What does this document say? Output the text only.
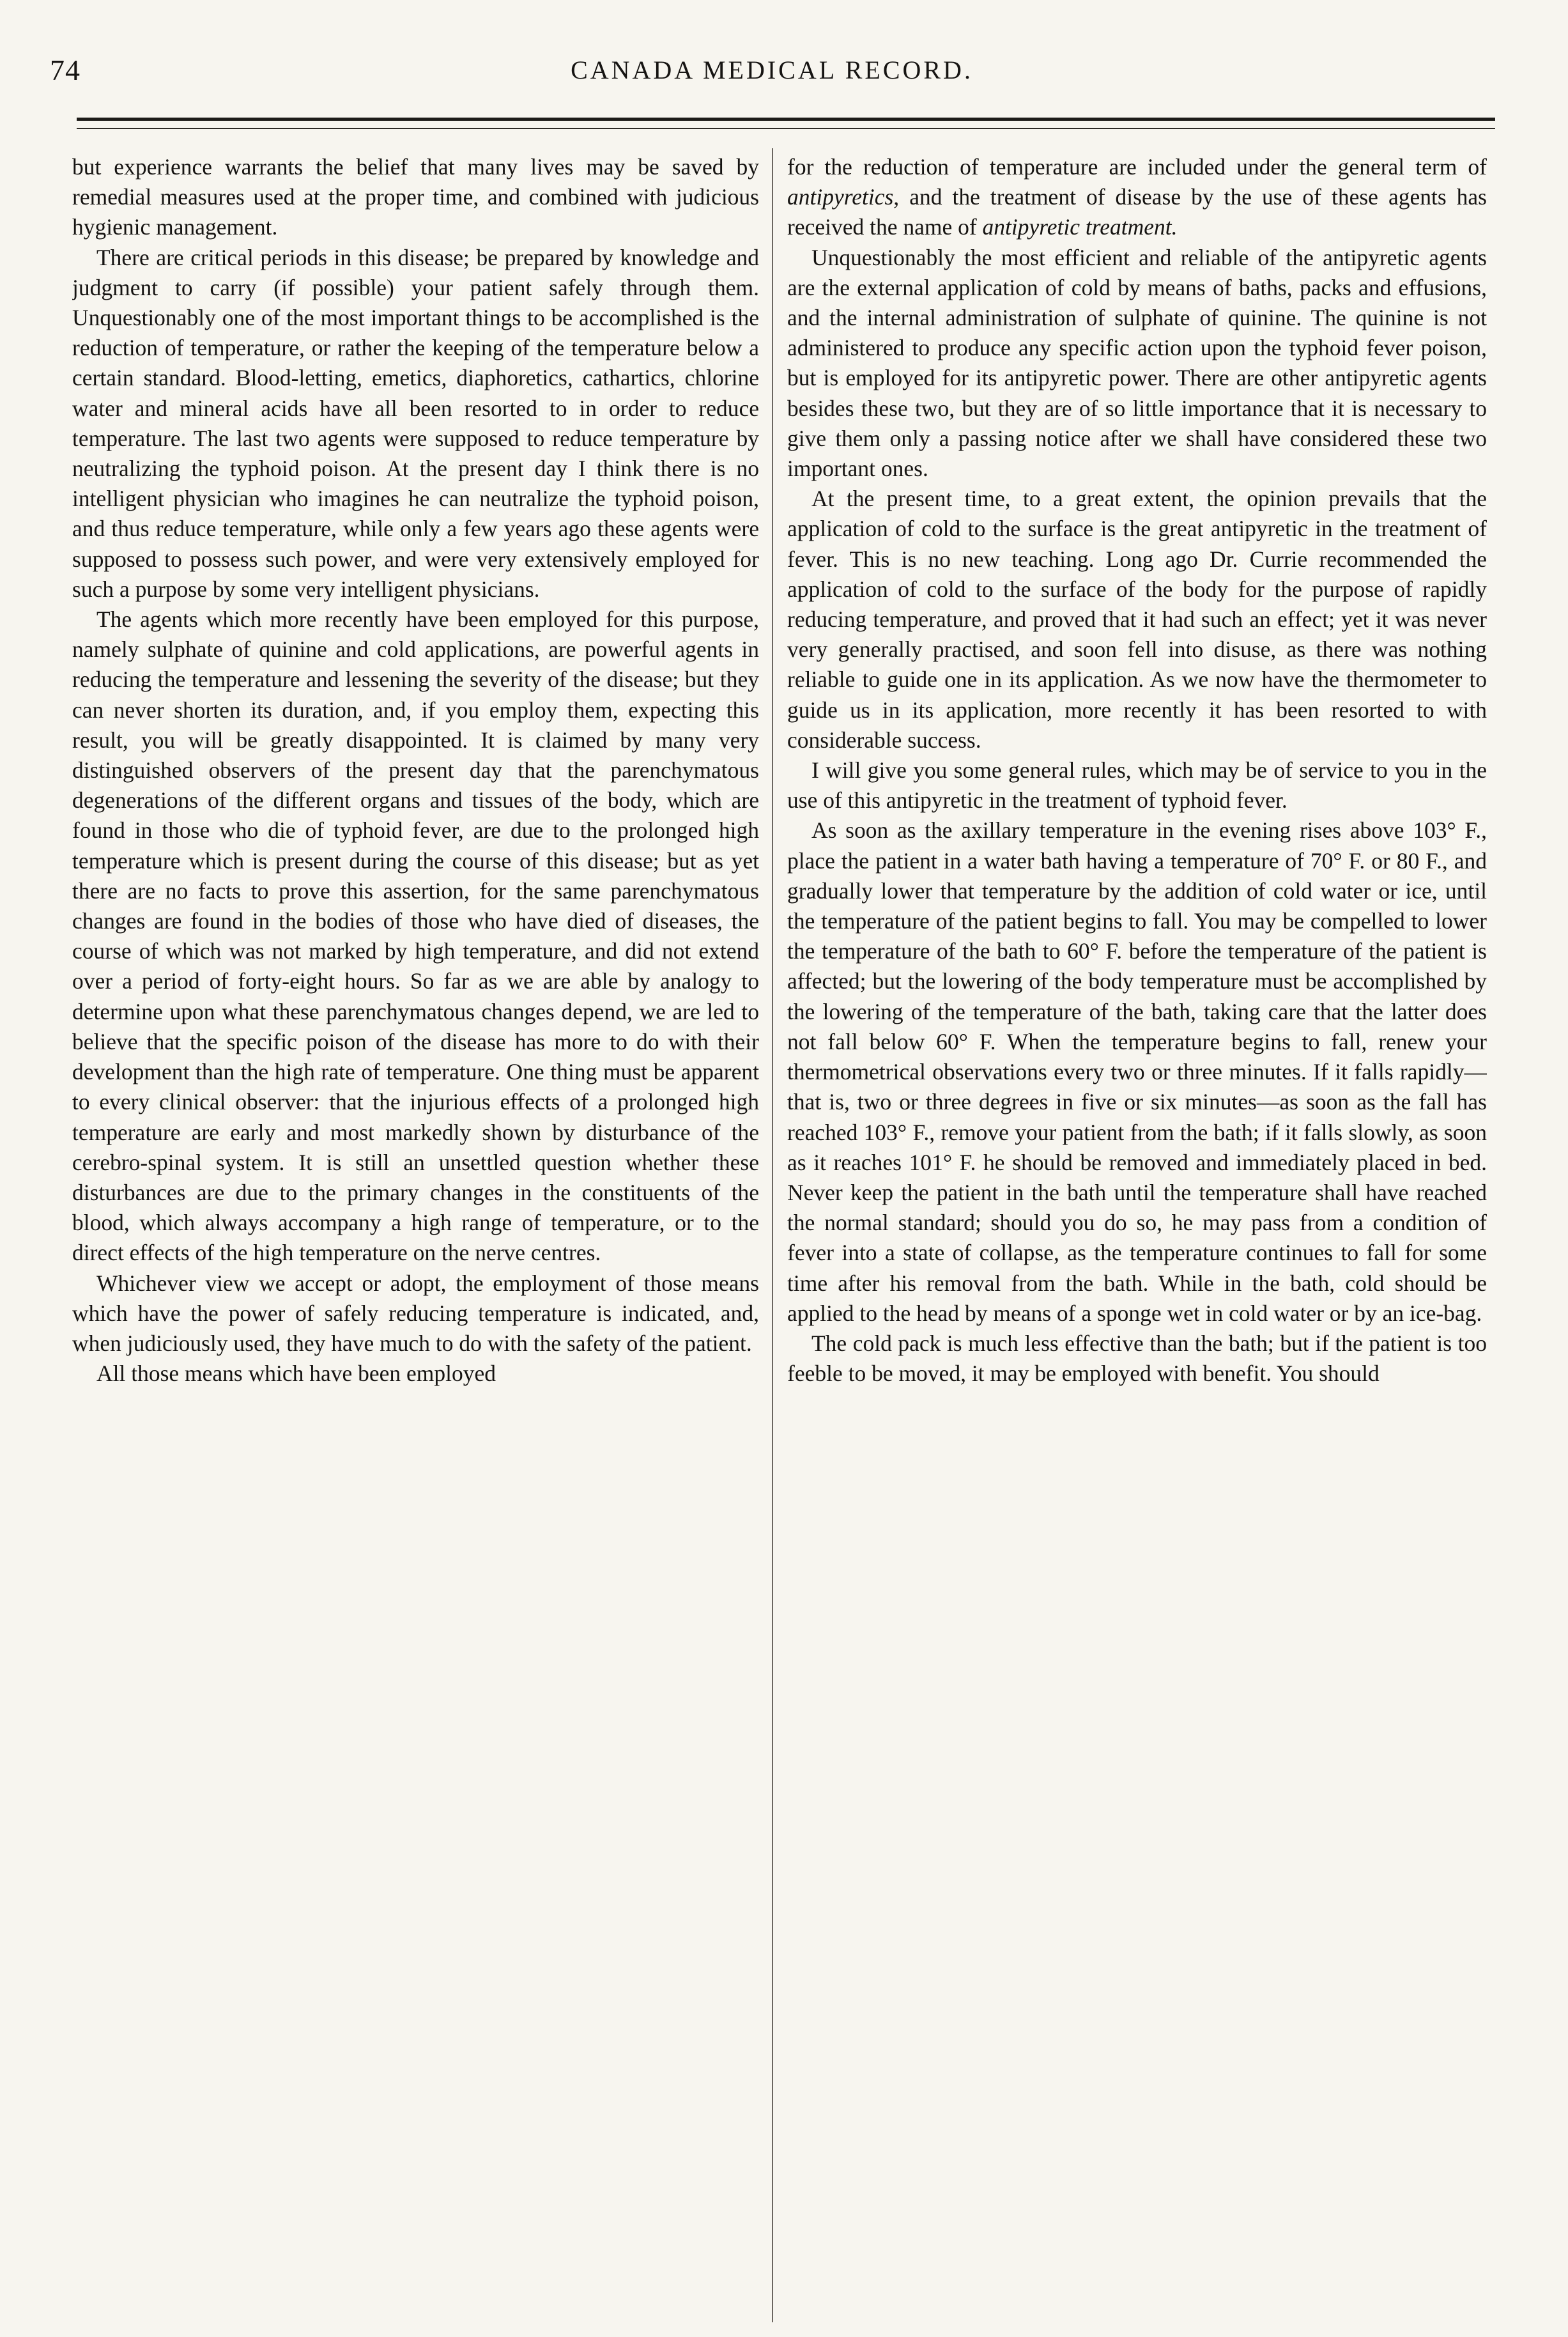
74	CANADA MEDICAL RECORD.

but experience warrants the belief that many lives may be saved by remedial measures used at the proper time, and combined with judicious hygienic management.

There are critical periods in this disease; be prepared by knowledge and judgment to carry (if possible) your patient safely through them. Unquestionably one of the most important things to be accomplished is the reduction of temperature, or rather the keeping of the temperature below a certain standard. Blood-letting, emetics, diaphoretics, cathartics, chlorine water and mineral acids have all been resorted to in order to reduce temperature. The last two agents were supposed to reduce temperature by neutralizing the typhoid poison. At the present day I think there is no intelligent physician who imagines he can neutralize the typhoid poison, and thus reduce temperature, while only a few years ago these agents were supposed to possess such power, and were very extensively employed for such a purpose by some very intelligent physicians.

The agents which more recently have been employed for this purpose, namely sulphate of quinine and cold applications, are powerful agents in reducing the temperature and lessening the severity of the disease; but they can never shorten its duration, and, if you employ them, expecting this result, you will be greatly disappointed. It is claimed by many very distinguished observers of the present day that the parenchymatous degenerations of the different organs and tissues of the body, which are found in those who die of typhoid fever, are due to the prolonged high temperature which is present during the course of this disease; but as yet there are no facts to prove this assertion, for the same parenchymatous changes are found in the bodies of those who have died of diseases, the course of which was not marked by high temperature, and did not extend over a period of forty-eight hours. So far as we are able by analogy to determine upon what these parenchymatous changes depend, we are led to believe that the specific poison of the disease has more to do with their development than the high rate of temperature. One thing must be apparent to every clinical observer: that the injurious effects of a prolonged high temperature are early and most markedly shown by disturbance of the cerebro-spinal system. It is still an unsettled question whether these disturbances are due to the primary changes in the constituents of the blood, which always accompany a high range of temperature, or to the direct effects of the high temperature on the nerve centres.

Whichever view we accept or adopt, the employment of those means which have the power of safely reducing temperature is indicated, and, when judiciously used, they have much to do with the safety of the patient.

All those means which have been employed

for the reduction of temperature are included under the general term of antipyretics, and the treatment of disease by the use of these agents has received the name of antipyretic treatment.

Unquestionably the most efficient and reliable of the antipyretic agents are the external application of cold by means of baths, packs and effusions, and the internal administration of sulphate of quinine. The quinine is not administered to produce any specific action upon the typhoid fever poison, but is employed for its antipyretic power. There are other antipyretic agents besides these two, but they are of so little importance that it is necessary to give them only a passing notice after we shall have considered these two important ones.

At the present time, to a great extent, the opinion prevails that the application of cold to the surface is the great antipyretic in the treatment of fever. This is no new teaching. Long ago Dr. Currie recommended the application of cold to the surface of the body for the purpose of rapidly reducing temperature, and proved that it had such an effect; yet it was never very generally practised, and soon fell into disuse, as there was nothing reliable to guide one in its application. As we now have the thermometer to guide us in its application, more recently it has been resorted to with considerable success.

I will give you some general rules, which may be of service to you in the use of this antipyretic in the treatment of typhoid fever.

As soon as the axillary temperature in the evening rises above 103° F., place the patient in a water bath having a temperature of 70° F. or 80 F., and gradually lower that temperature by the addition of cold water or ice, until the temperature of the patient begins to fall. You may be compelled to lower the temperature of the bath to 60° F. before the temperature of the patient is affected; but the lowering of the body temperature must be accomplished by the lowering of the temperature of the bath, taking care that the latter does not fall below 60° F. When the temperature begins to fall, renew your thermometrical observations every two or three minutes. If it falls rapidly—that is, two or three degrees in five or six minutes—as soon as the fall has reached 103° F., remove your patient from the bath; if it falls slowly, as soon as it reaches 101° F. he should be removed and immediately placed in bed. Never keep the patient in the bath until the temperature shall have reached the normal standard; should you do so, he may pass from a condition of fever into a state of collapse, as the temperature continues to fall for some time after his removal from the bath. While in the bath, cold should be applied to the head by means of a sponge wet in cold water or by an ice-bag.

The cold pack is much less effective than the bath; but if the patient is too feeble to be moved, it may be employed with benefit. You should
